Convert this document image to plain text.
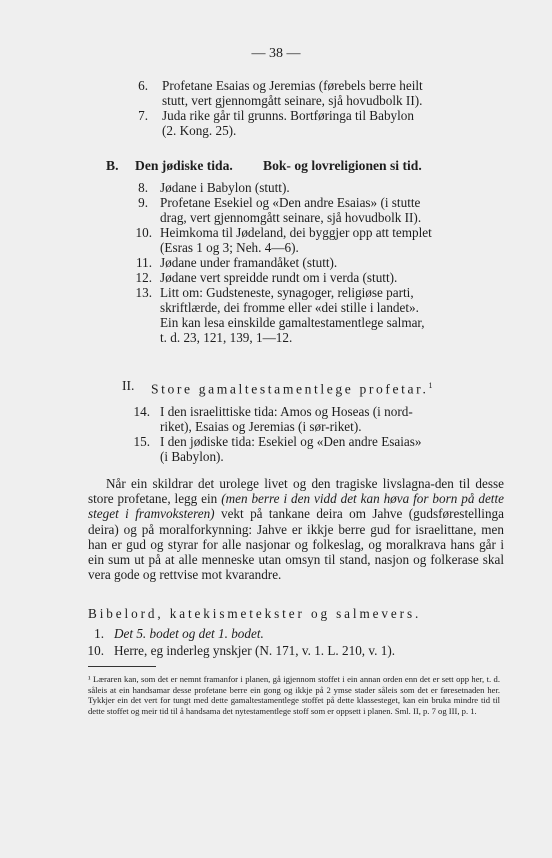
— 38 —
6. Profetane Esaias og Jeremias (førebels berre heilt
stutt, vert gjennomgått seinare, sjå hovudbolk II).
7. Juda rike går til grunns. Bortføringa til Babylon
(2. Kong. 25).
B. Den jødiske tida. Bok- og lovreligionen si tid.
8. Jødane i Babylon (stutt).
9. Profetane Esekiel og «Den andre Esaias» (i stutte
drag, vert gjennomgått seinare, sjå hovudbolk II).
10. Heimkoma til Jødeland, dei byggjer opp att templet
(Esras 1 og 3; Neh. 4—6).
11. Jødane under framandåket (stutt).
12. Jødane vert spreidde rundt om i verda (stutt).
13. Litt om: Gudsteneste, synagoger, religiøse parti,
skriftlærde, dei fromme eller «dei stille i landet».
Ein kan lesa einskilde gamaltestamentlege salmar,
t. d. 23, 121, 139, 1—12.
II. Store gamaltestamentlege profetar.$^1$
14. I den israelittiske tida: Amos og Hoseas (i nord-
riket), Esaias og Jeremias (i sør-riket).
15. I den jødiske tida: Esekiel og «Den andre Esaias»
(i Babylon).
Når ein skildrar det urolege livet og den tragiske livslagna-den til desse store profetane, legg ein (men berre i den vidd det kan høva for born på dette steget i framvoksteren) vekt på tankane deira om Jahve (gudsførestellinga deira) og på moralforkynning: Jahve er ikkje berre gud for israelittane, men han er gud og styrar for alle nasjonar og folkeslag, og moralkrava hans går i ein sum ut på at alle menneske utan omsyn til stand, nasjon og folkerase skal vera gode og rettvise mot kvarandre.
Bibelord, katekismetekster og salmevers.
1. Det 5. bodet og det 1. bodet.
10. Herre, eg inderleg ynskjer (N. 171, v. 1. L. 210, v. 1).
¹ Læraren kan, som det er nemnt framanfor i planen, gå igjennom stoffet i ein annan orden enn det er sett opp her, t. d. såleis at ein handsamar desse profetane berre ein gong og ikkje på 2 ymse stader såleis som det er føresetnaden her. Tykkjer ein det vert for tungt med dette gamaltestamentlege stoffet på dette klassesteget, kan ein bruka mindre tid til dette stoffet og meir tid til å handsama det nytestamentlege stoff som er oppsett i planen. Sml. II, p. 7 og III, p. 1.
